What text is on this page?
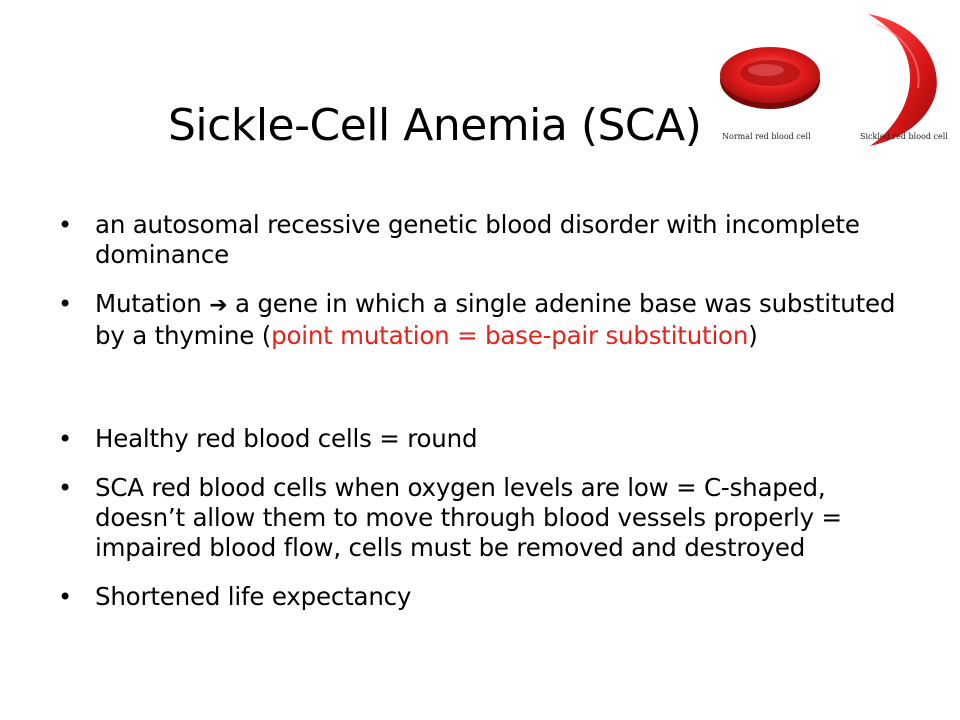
Sickle-Cell Anemia (SCA)	Normal red blood cell	Sickled red blood cell
• an autosomal recessive genetic blood disorder with incomplete dominance
• Mutation ➔ a gene in which a single adenine base was substituted by a thymine (point mutation = base-pair substitution)
• Healthy red blood cells = round
• SCA red blood cells when oxygen levels are low = C-shaped, doesn’t allow them to move through blood vessels properly = impaired blood flow, cells must be removed and destroyed
• Shortened life expectancy
